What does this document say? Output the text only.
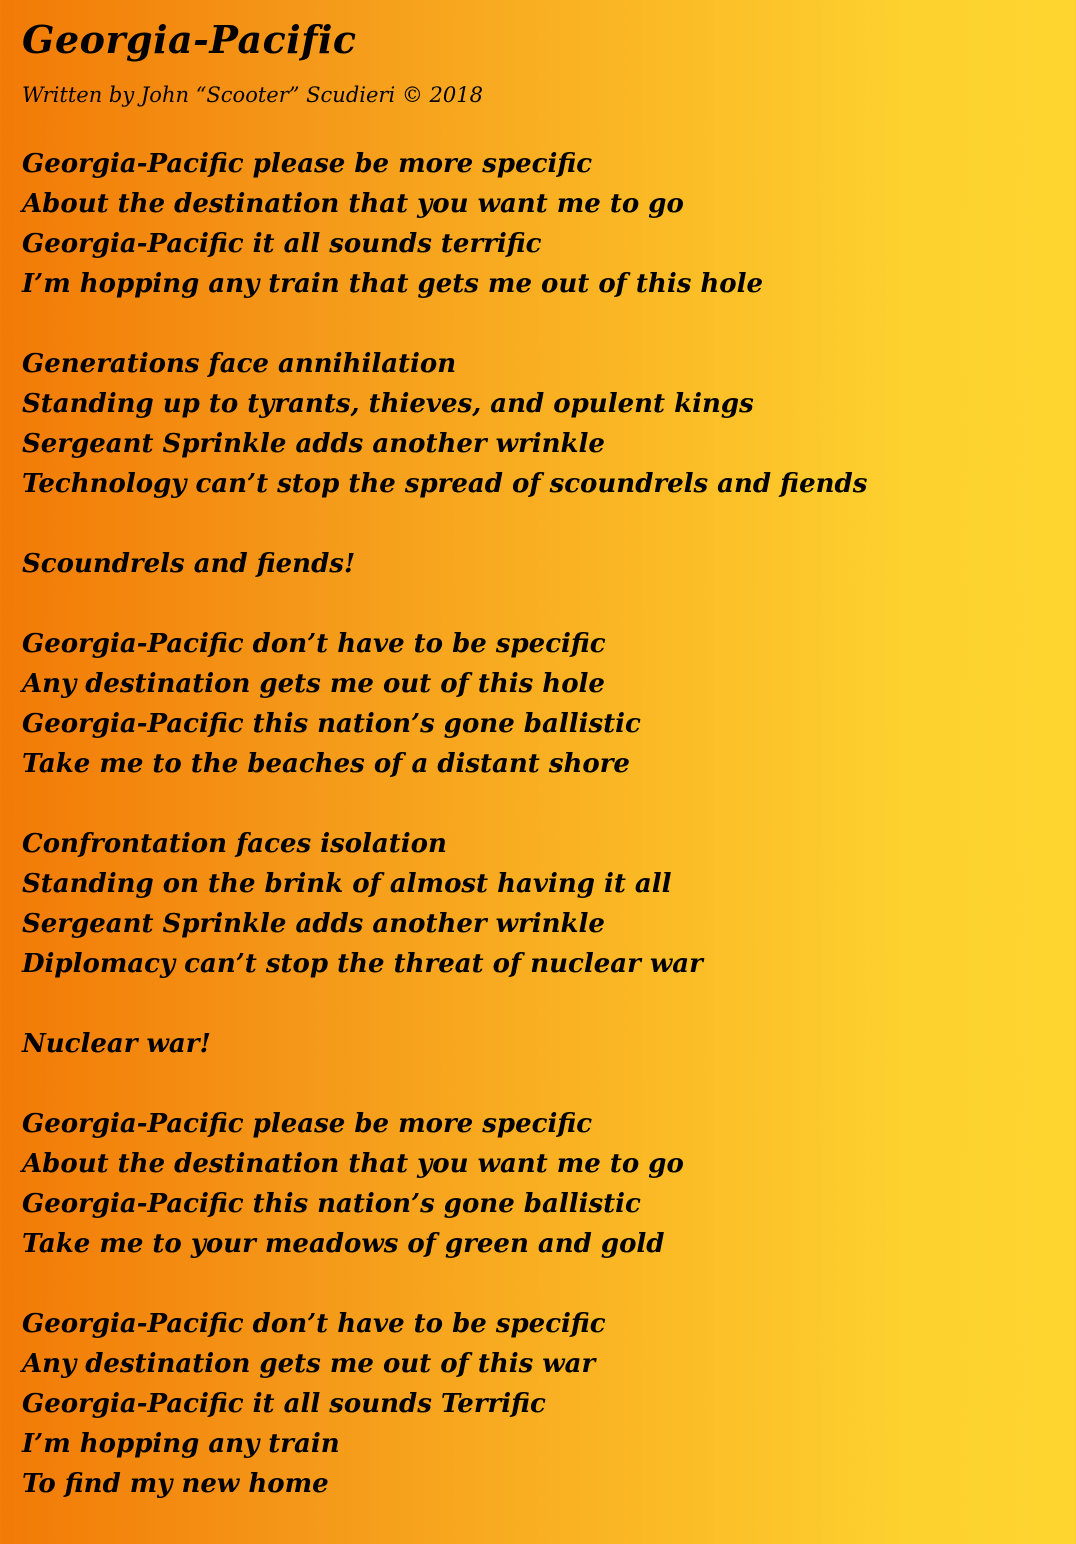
Georgia-Pacific
Written by John “Scooter” Scudieri © 2018
Georgia-Pacific please be more specific
About the destination that you want me to go
Georgia-Pacific it all sounds terrific
I’m hopping any train that gets me out of this hole
Generations face annihilation
Standing up to tyrants, thieves, and opulent kings
Sergeant Sprinkle adds another wrinkle
Technology can’t stop the spread of scoundrels and fiends
Scoundrels and fiends!
Georgia-Pacific don’t have to be specific
Any destination gets me out of this hole
Georgia-Pacific this nation’s gone ballistic
Take me to the beaches of a distant shore
Confrontation faces isolation
Standing on the brink of almost having it all
Sergeant Sprinkle adds another wrinkle
Diplomacy can’t stop the threat of nuclear war
Nuclear war!
Georgia-Pacific please be more specific
About the destination that you want me to go
Georgia-Pacific this nation’s gone ballistic
Take me to your meadows of green and gold
Georgia-Pacific don’t have to be specific
Any destination gets me out of this war
Georgia-Pacific it all sounds Terrific
I’m hopping any train
To find my new home
